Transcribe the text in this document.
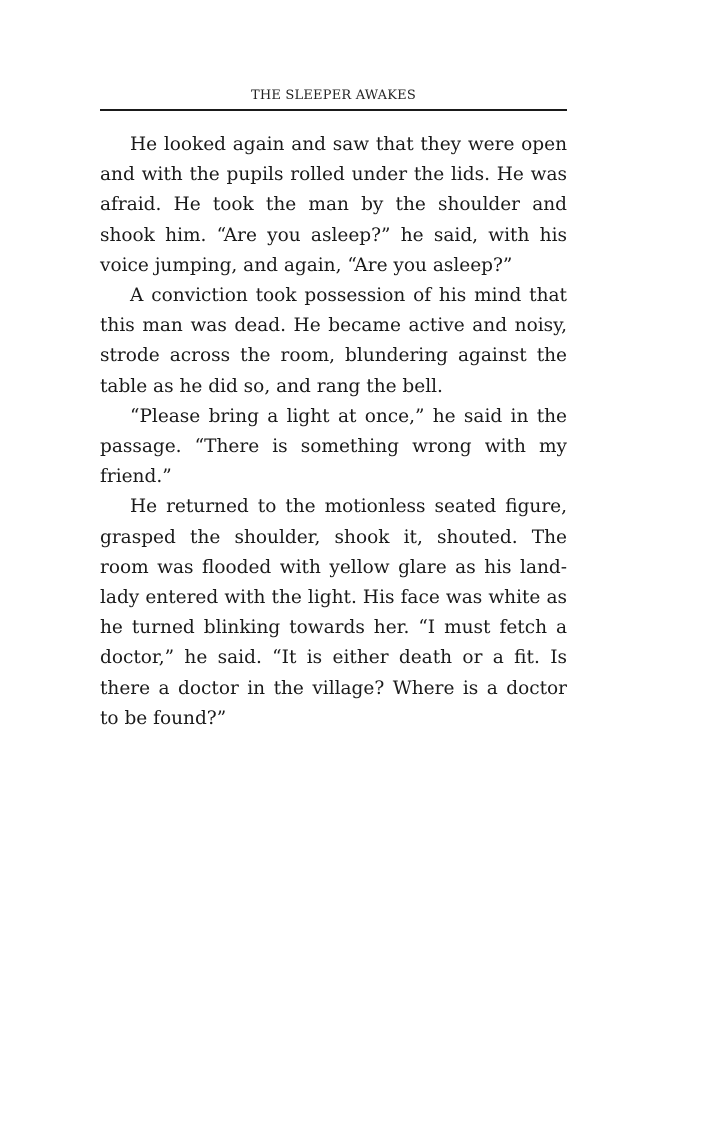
THE SLEEPER AWAKES

He looked again and saw that they were open and with the pupils rolled under the lids. He was afraid. He took the man by the shoulder and shook him. “Are you asleep?” he said, with his voice jumping, and again, “Are you asleep?”

A conviction took possession of his mind that this man was dead. He became active and noisy, strode across the room, blundering against the table as he did so, and rang the bell.

“Please bring a light at once,” he said in the passage. “There is something wrong with my friend.”

He returned to the motionless seated figure, grasped the shoulder, shook it, shouted. The room was flooded with yellow glare as his land-lady entered with the light. His face was white as he turned blinking towards her. “I must fetch a doctor,” he said. “It is either death or a fit. Is there a doctor in the village? Where is a doctor to be found?”
